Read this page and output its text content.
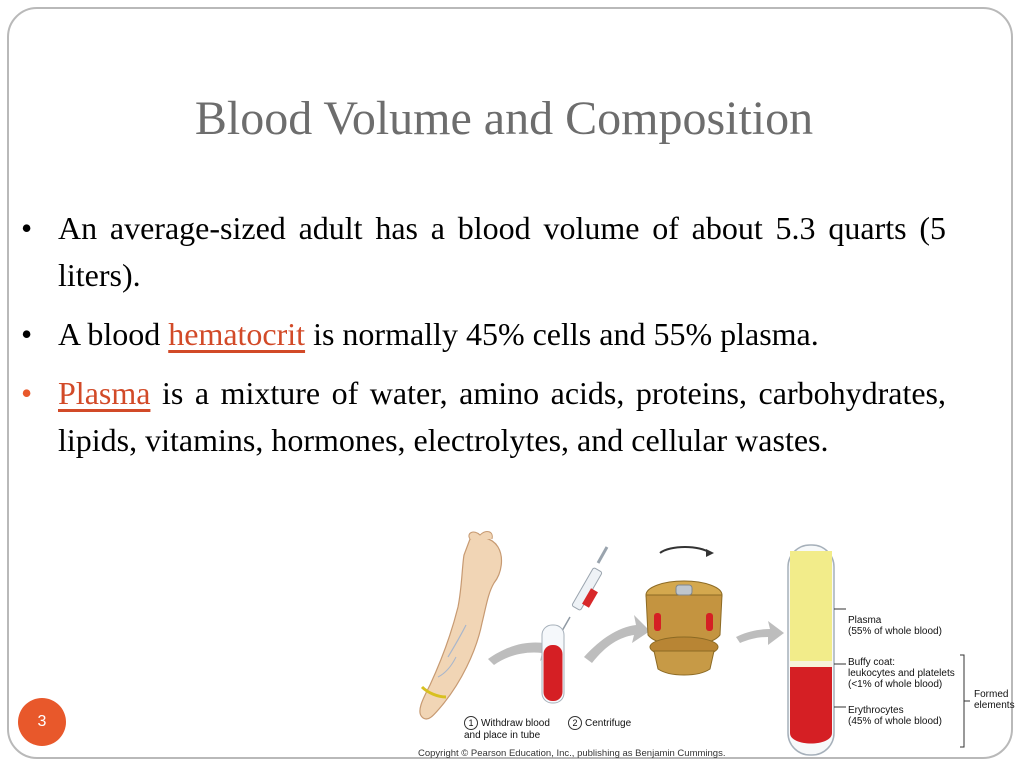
Blood Volume and Composition
• An average-sized adult has a blood volume of about 5.3 quarts (5 liters).
• A blood hematocrit is normally 45% cells and 55% plasma.
• Plasma is a mixture of water, amino acids, proteins, carbohydrates, lipids, vitamins, hormones, electrolytes, and cellular wastes.
Plasma
(55% of whole blood)
Buffy coat:
leukocytes and platelets
(<1% of whole blood)
Erythrocytes
(45% of whole blood)
Formed
elements

1 Withdraw blood
and place in tube

2 Centrifuge

Copyright © Pearson Education, Inc., publishing as Benjamin Cummings.
3
